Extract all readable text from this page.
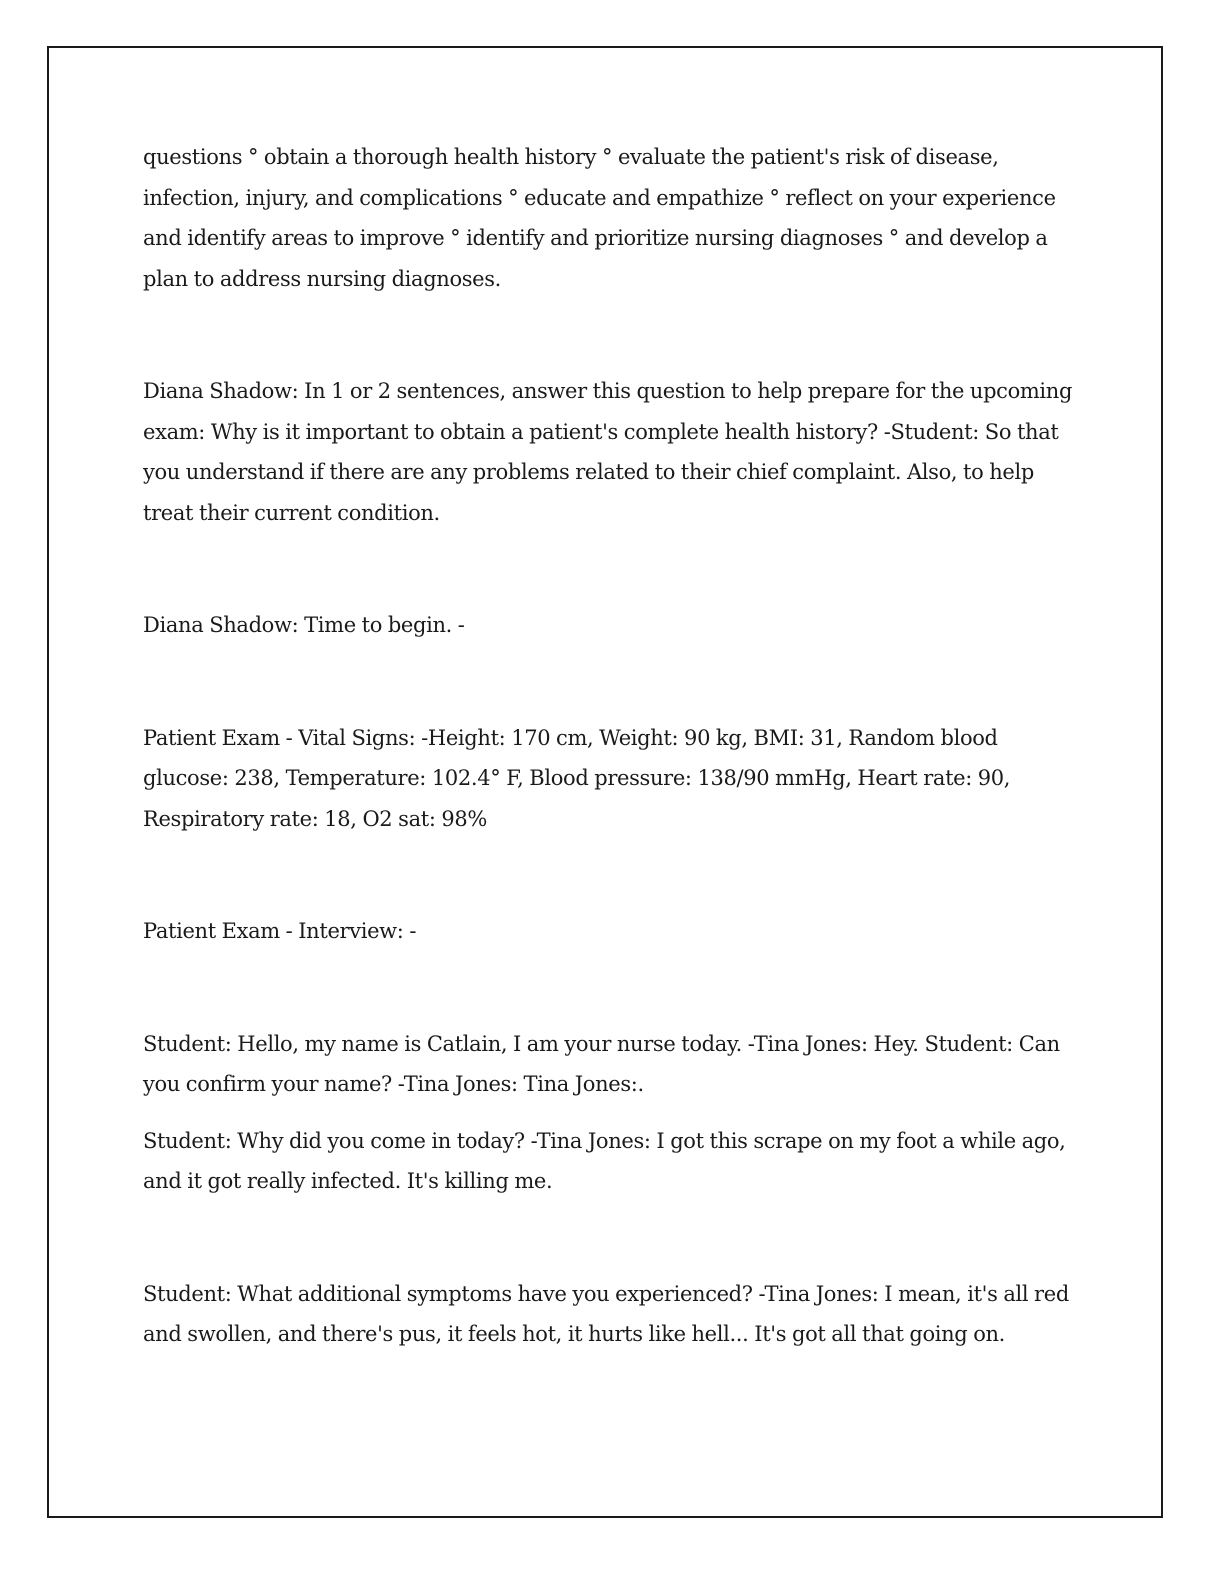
questions ° obtain a thorough health history ° evaluate the patient's risk of disease, infection, injury, and complications ° educate and empathize ° reflect on your experience and identify areas to improve ° identify and prioritize nursing diagnoses ° and develop a plan to address nursing diagnoses.

Diana Shadow: In 1 or 2 sentences, answer this question to help prepare for the upcoming exam: Why is it important to obtain a patient's complete health history? -Student: So that you understand if there are any problems related to their chief complaint. Also, to help treat their current condition.

Diana Shadow: Time to begin. -

Patient Exam - Vital Signs: -Height: 170 cm, Weight: 90 kg, BMI: 31, Random blood glucose: 238, Temperature: 102.4° F, Blood pressure: 138/90 mmHg, Heart rate: 90, Respiratory rate: 18, O2 sat: 98%

Patient Exam - Interview: -

Student: Hello, my name is Catlain, I am your nurse today. -Tina Jones: Hey. Student: Can you confirm your name? -Tina Jones: Tina Jones:.

Student: Why did you come in today? -Tina Jones: I got this scrape on my foot a while ago, and it got really infected. It's killing me.

Student: What additional symptoms have you experienced? -Tina Jones: I mean, it's all red and swollen, and there's pus, it feels hot, it hurts like hell... It's got all that going on.
